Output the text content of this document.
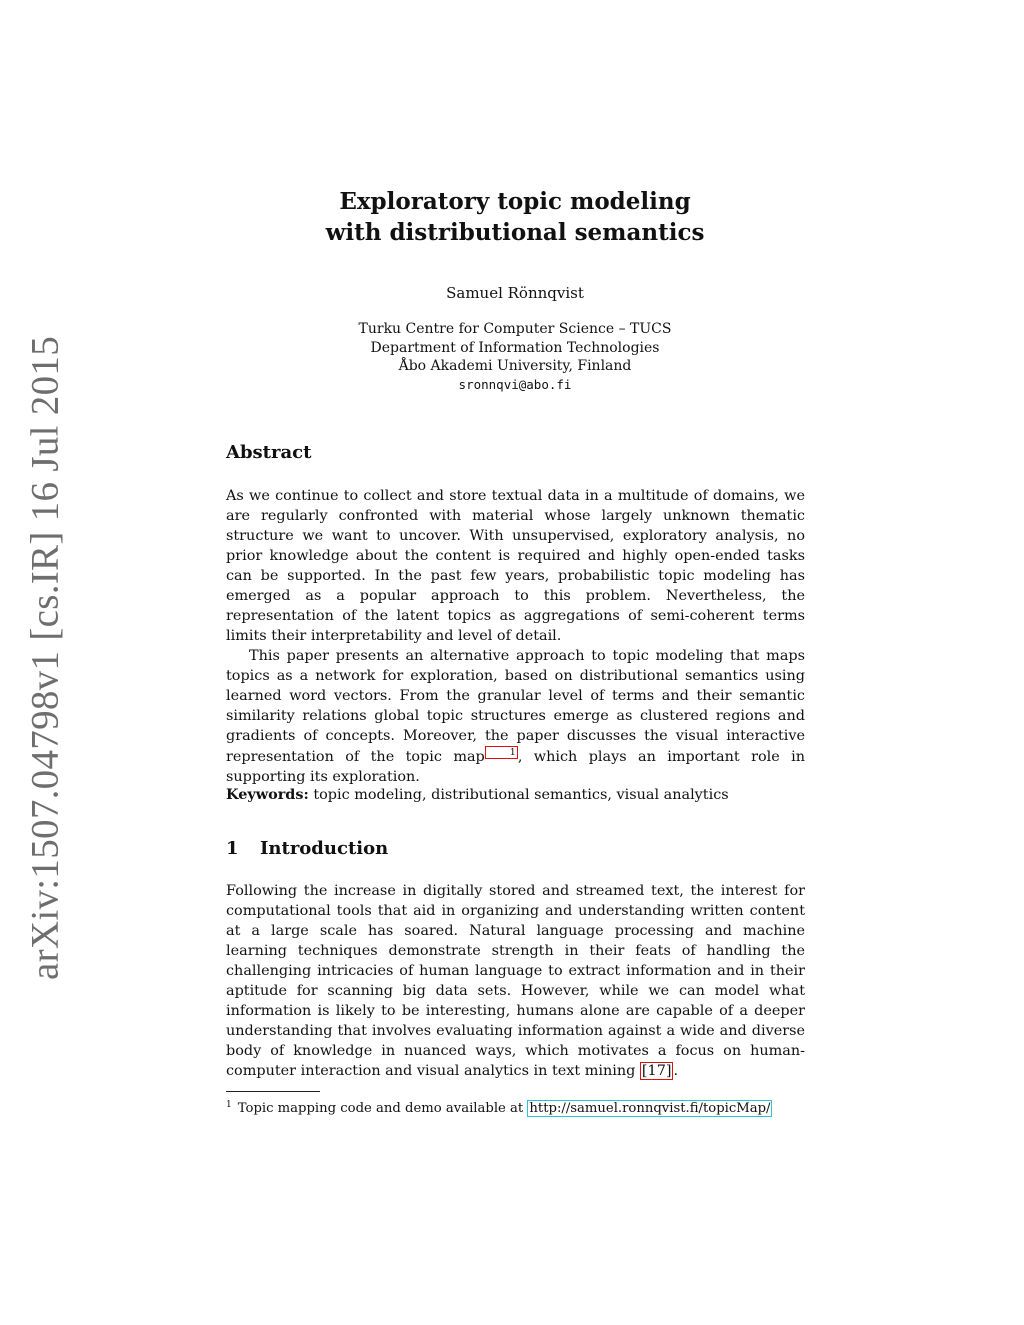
arXiv:1507.04798v1 [cs.IR] 16 Jul 2015
Exploratory topic modeling
with distributional semantics
Samuel Rönnqvist
Turku Centre for Computer Science – TUCS
Department of Information Technologies
Åbo Akademi University, Finland
sronnqvi@abo.fi
Abstract
As we continue to collect and store textual data in a multitude of domains, we are regularly confronted with material whose largely unknown thematic structure we want to uncover. With unsupervised, exploratory analysis, no prior knowledge about the content is required and highly open-ended tasks can be supported. In the past few years, probabilistic topic modeling has emerged as a popular approach to this problem. Nevertheless, the representation of the latent topics as aggregations of semi-coherent terms limits their interpretability and level of detail.
This paper presents an alternative approach to topic modeling that maps topics as a network for exploration, based on distributional semantics using learned word vectors. From the granular level of terms and their semantic similarity relations global topic structures emerge as clustered regions and gradients of concepts. Moreover, the paper discusses the visual interactive representation of the topic map	1 , which plays an important role in supporting its exploration.
Keywords: topic modeling, distributional semantics, visual analytics
1 Introduction
Following the increase in digitally stored and streamed text, the interest for computational tools that aid in organizing and understanding written content at a large scale has soared. Natural language processing and machine learning techniques demonstrate strength in their feats of handling the challenging intricacies of human language to extract information and in their aptitude for scanning big data sets. However, while we can model what information is likely to be interesting, humans alone are capable of a deeper understanding that involves evaluating information against a wide and diverse body of knowledge in nuanced ways, which motivates a focus on human-computer interaction and visual analytics in text mining [17] .
$^1$ Topic mapping code and demo available at http://samuel.ronnqvist.fi/topicMap/
